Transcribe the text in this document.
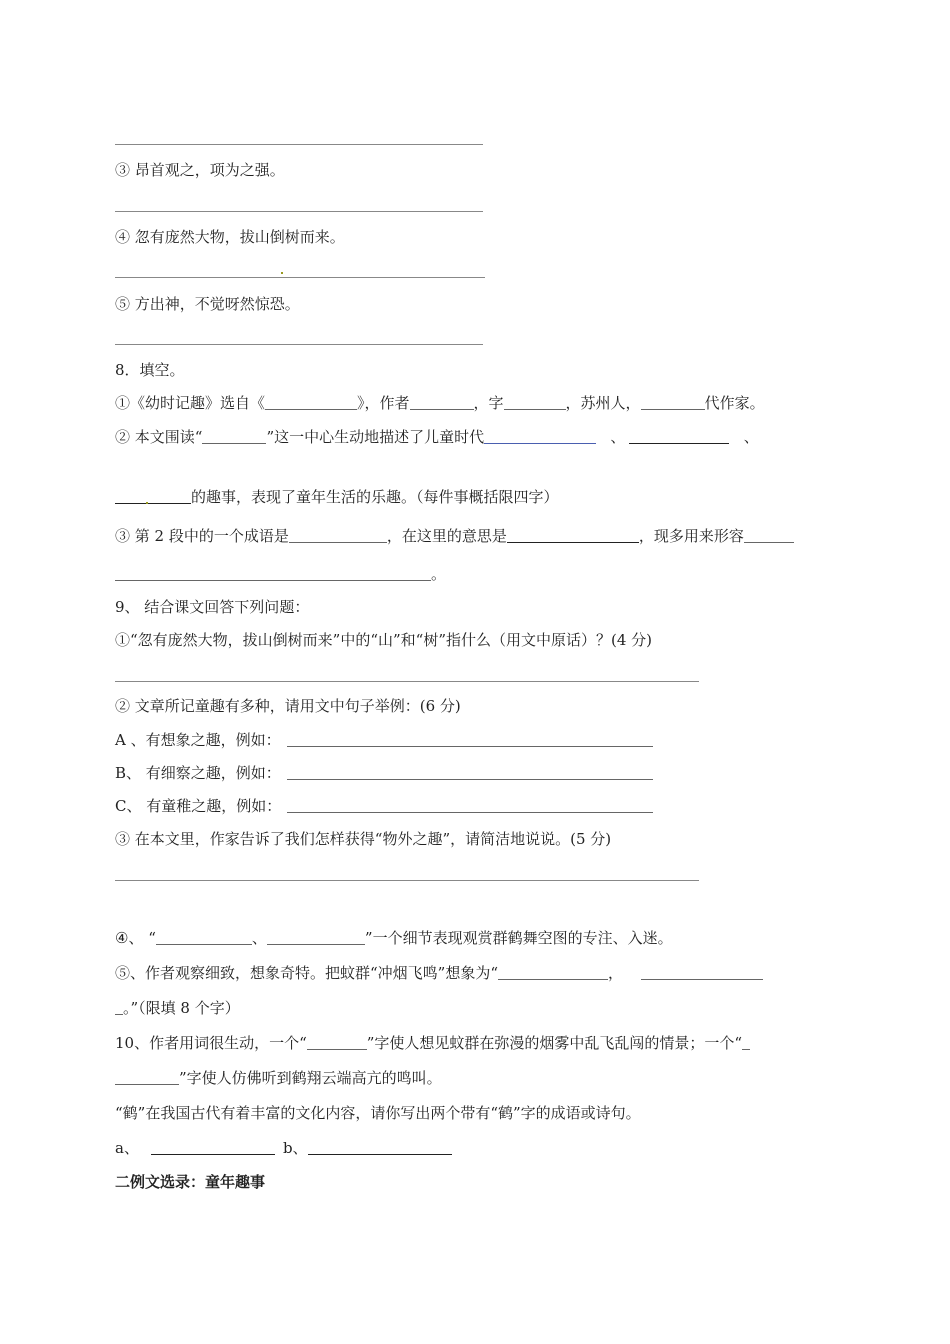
③ 昂首观之，项为之强。
④ 忽有庞然大物，拔山倒树而来。
⑤ 方出神，不觉呀然惊恐。
8．填空。
①《幼时记趣》选自《	》，作者	，字	，苏州人，	代作家。
② 本文围读“	”这一中心生动地描述了儿童时代	、	、
的趣事，表现了童年生活的乐趣。（每件事概括限四字）
③ 第 2 段中的一个成语是	，在这里的意思是	，现多用来形容
。
9、 结合课文回答下列问题：
①“忽有庞然大物，拔山倒树而来”中的“山”和“树”指什么（用文中原话）？(4 分)
② 文章所记童趣有多种，请用文中句子举例：(6 分)
A 、有想象之趣，例如：
B、 有细察之趣，例如：
C、 有童稚之趣，例如：
③ 在本文里，作家告诉了我们怎样获得“物外之趣”，请简洁地说说。(5 分)
④、 “	、	”一个细节表现观赏群鹤舞空图的专注、入迷。
⑤、作者观察细致，想象奇特。把蚊群“冲烟飞鸣”想象为“	，
。”（限填 8 个字）
10、作者用词很生动，一个“	”字使人想见蚊群在弥漫的烟雾中乱飞乱闯的情景；一个“
”字使人仿佛听到鹤翔云端高亢的鸣叫。
“鹤”在我国古代有着丰富的文化内容，请你写出两个带有“鹤”字的成语或诗句。
a、	b、
二例文选录：童年趣事
